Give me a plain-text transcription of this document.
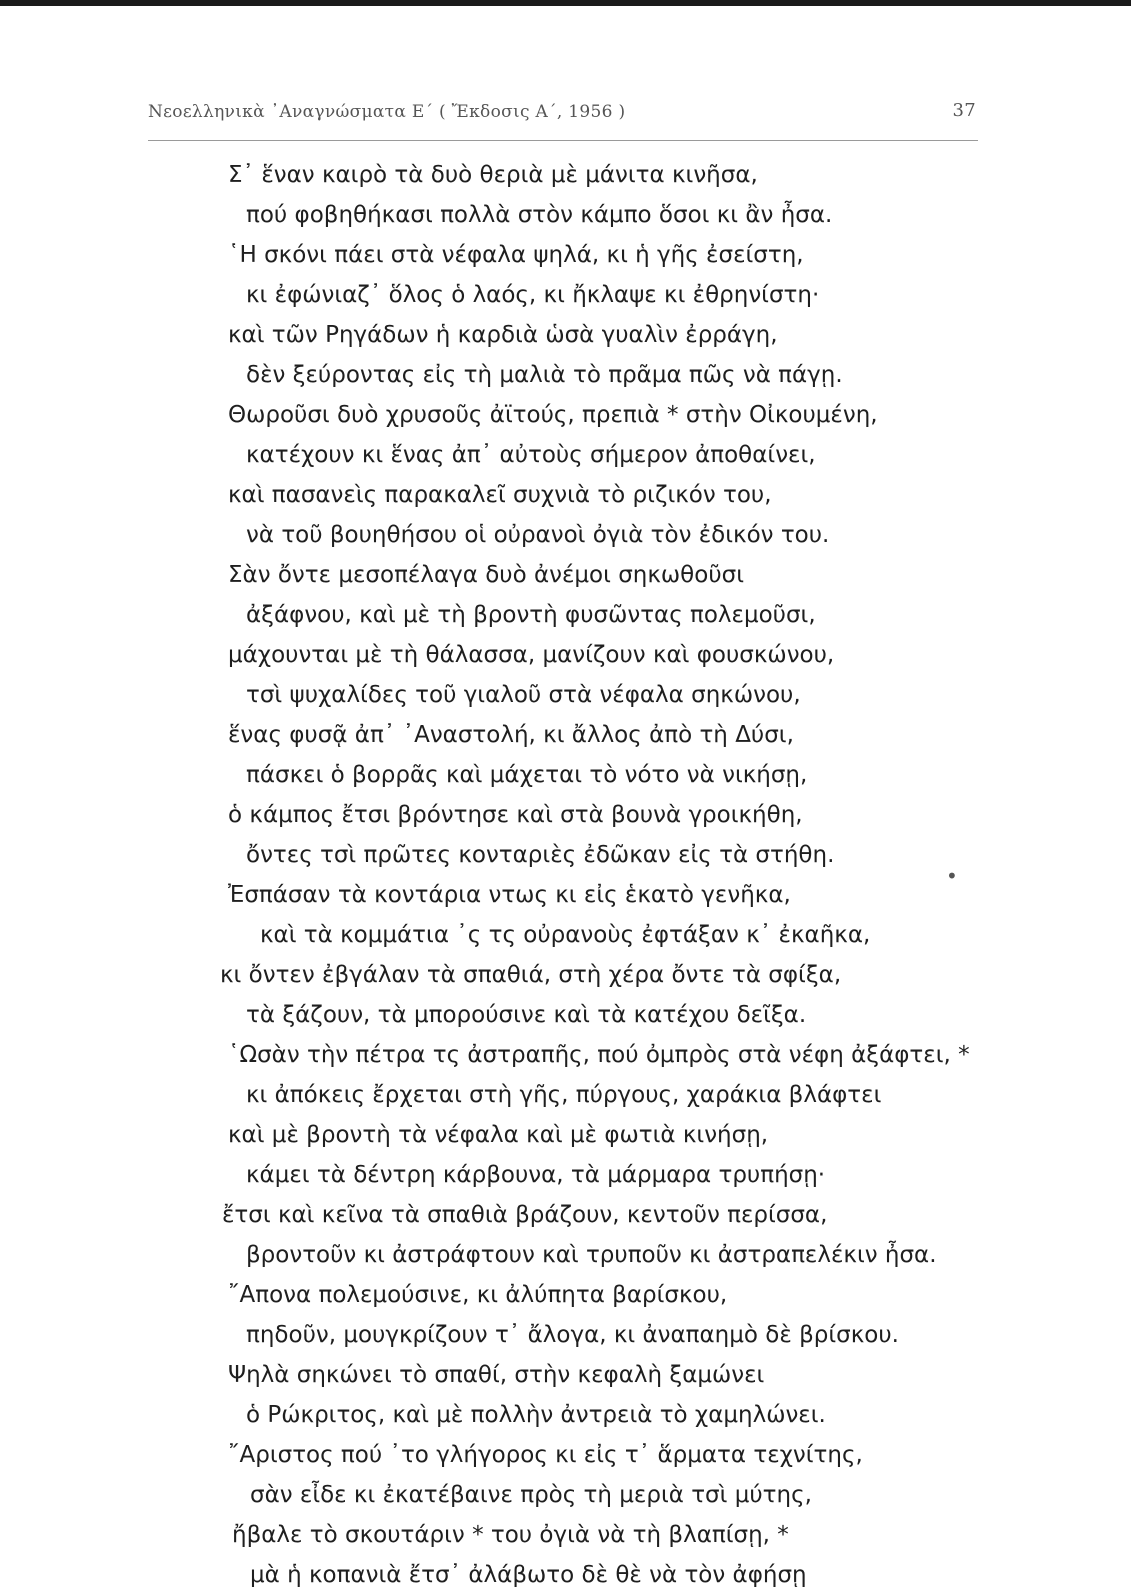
Νεοελληνικὰ ᾿Αναγνώσματα Ε΄ ( Ἔκδοσις Α΄, 1956 )	37
Σ᾿ ἕναν καιρὸ τὰ δυὸ θεριὰ μὲ μάνιτα κινῆσα,
πού φοβηθήκασι πολλὰ στὸν κάμπο ὅσοι κι ἂν ἦσα.
῾Η σκόνι πάει στὰ νέφαλα ψηλά, κι ἡ γῆς ἐσείστη,
κι ἐφώνιαζ᾿ ὅλος ὁ λαός, κι ἤκλαψε κι ἐθρηνίστη·
καὶ τῶν Ρηγάδων ἡ καρδιὰ ὡσὰ γυαλὶν ἐρράγη,
δὲν ξεύροντας εἰς τὴ μαλιὰ τὸ πρᾶμα πῶς νὰ πάγῃ.
Θωροῦσι δυὸ χρυσοῦς ἀϊτούς, πρεπιὰ * στὴν Οἰκουμένη,
κατέχουν κι ἕνας ἀπ᾿ αὐτοὺς σήμερον ἀποθαίνει,
καὶ πασανεὶς παρακαλεῖ συχνιὰ τὸ ριζικόν του,
νὰ τοῦ βουηθήσου οἱ οὐρανοὶ ὀγιὰ τὸν ἐδικόν του.
Σὰν ὄντε μεσοπέλαγα δυὸ ἀνέμοι σηκωθοῦσι
ἀξάφνου, καὶ μὲ τὴ βροντὴ φυσῶντας πολεμοῦσι,
μάχουνται μὲ τὴ θάλασσα, μανίζουν καὶ φουσκώνου,
τσὶ ψυχαλίδες τοῦ γιαλοῦ στὰ νέφαλα σηκώνου,
ἕνας φυσᾷ ἀπ᾿ ᾿Αναστολή, κι ἄλλος ἀπὸ τὴ Δύσι,
πάσκει ὁ βορρᾶς καὶ μάχεται τὸ νότο νὰ νικήσῃ,
ὁ κάμπος ἔτσι βρόντησε καὶ στὰ βουνὰ γροικήθη,
ὄντες τσὶ πρῶτες κονταριὲς ἐδῶκαν εἰς τὰ στήθη.
Ἐσπάσαν τὰ κοντάρια ντως κι εἰς ἑκατὸ γενῆκα,
καὶ τὰ κομμάτια ᾿ς τς οὐρανοὺς ἐφτάξαν κ᾿ ἐκαῆκα,
κι ὄντεν ἐβγάλαν τὰ σπαθιά, στὴ χέρα ὄντε τὰ σφίξα,
τὰ ξάζουν, τὰ μπορούσινε καὶ τὰ κατέχου δεῖξα.
῾Ωσὰν τὴν πέτρα τς ἀστραπῆς, πού ὀμπρὸς στὰ νέφη ἀξάφτει, *
κι ἀπόκεις ἔρχεται στὴ γῆς, πύργους, χαράκια βλάφτει
καὶ μὲ βροντὴ τὰ νέφαλα καὶ μὲ φωτιὰ κινήσῃ,
κάμει τὰ δέντρη κάρβουνα, τὰ μάρμαρα τρυπήσῃ·
ἔτσι καὶ κεῖνα τὰ σπαθιὰ βράζουν, κεντοῦν περίσσα,
βροντοῦν κι ἀστράφτουν καὶ τρυποῦν κι ἀστραπελέκιν ἦσα.
῎Απονα πολεμούσινε, κι ἀλύπητα βαρίσκου,
πηδοῦν, μουγκρίζουν τ᾿ ἄλογα, κι ἀναπαημὸ δὲ βρίσκου.
Ψηλὰ σηκώνει τὸ σπαθί, στὴν κεφαλὴ ξαμώνει
ὁ Ρώκριτος, καὶ μὲ πολλὴν ἀντρειὰ τὸ χαμηλώνει.
῎Αριστος πού ᾿το γλήγορος κι εἰς τ᾿ ἅρματα τεχνίτης,
σὰν εἶδε κι ἐκατέβαινε πρὸς τὴ μεριὰ τσὶ μύτης,
ἤβαλε τὸ σκουτάριν * του ὀγιὰ νὰ τὴ βλαπίσῃ, *
μὰ ἡ κοπανιὰ ἔτσ᾿ ἀλάβωτο δὲ θὲ νὰ τὸν ἀφήσῃ
•
